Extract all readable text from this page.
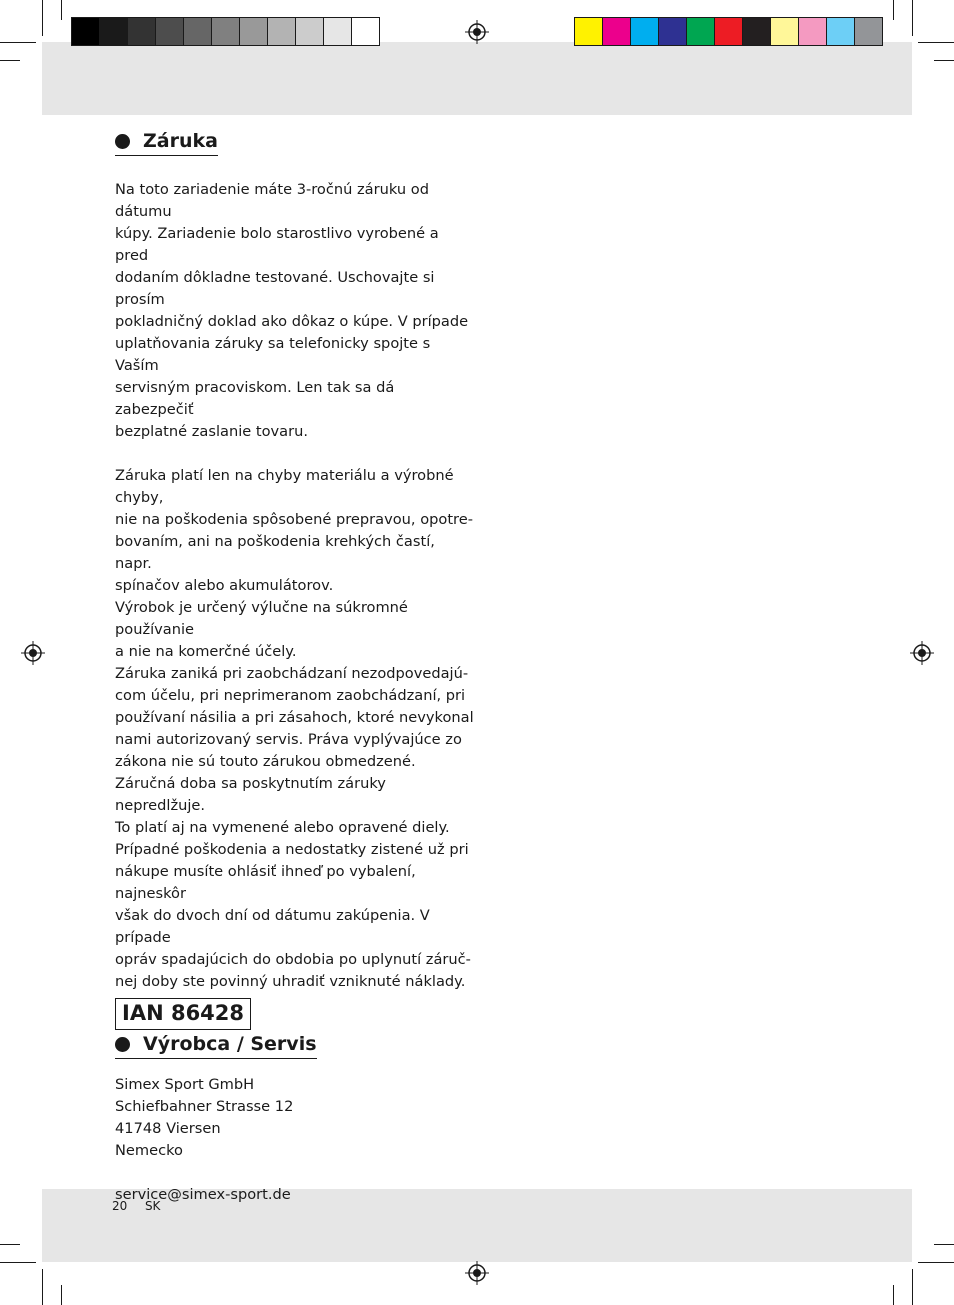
Záruka

Na toto zariadenie máte 3-ročnú záruku od dátumu
kúpy. Zariadenie bolo starostlivo vyrobené a pred
dodaním dôkladne testované. Uschovajte si prosím
pokladničný doklad ako dôkaz o kúpe. V prípade
uplatňovania záruky sa telefonicky spojte s Vaším
servisným pracoviskom. Len tak sa dá zabezpečiť
bezplatné zaslanie tovaru.

Záruka platí len na chyby materiálu a výrobné chyby,
nie na poškodenia spôsobené prepravou, opotre-
bovaním, ani na poškodenia krehkých častí, napr.
spínačov alebo akumulátorov.
Výrobok je určený výlučne na súkromné používanie
a nie na komerčné účely.
Záruka zaniká pri zaobchádzaní nezodpovedajú-
com účelu, pri neprimeranom zaobchádzaní, pri
používaní násilia a pri zásahoch, ktoré nevykonal
nami autorizovaný servis. Práva vyplývajúce zo
zákona nie sú touto zárukou obmedzené.
Záručná doba sa poskytnutím záruky nepredlžuje.
To platí aj na vymenené alebo opravené diely.
Prípadné poškodenia a nedostatky zistené už pri
nákupe musíte ohlásiť ihneď po vybalení, najneskôr
však do dvoch dní od dátumu zakúpenia. V prípade
opráv spadajúcich do obdobia po uplynutí záruč-
nej doby ste povinný uhradiť vzniknuté náklady.

Výrobca / Servis

Simex Sport GmbH
Schiefbahner Strasse 12
41748 Viersen
Nemecko

service@simex-sport.de

IAN 86428
20 SK
